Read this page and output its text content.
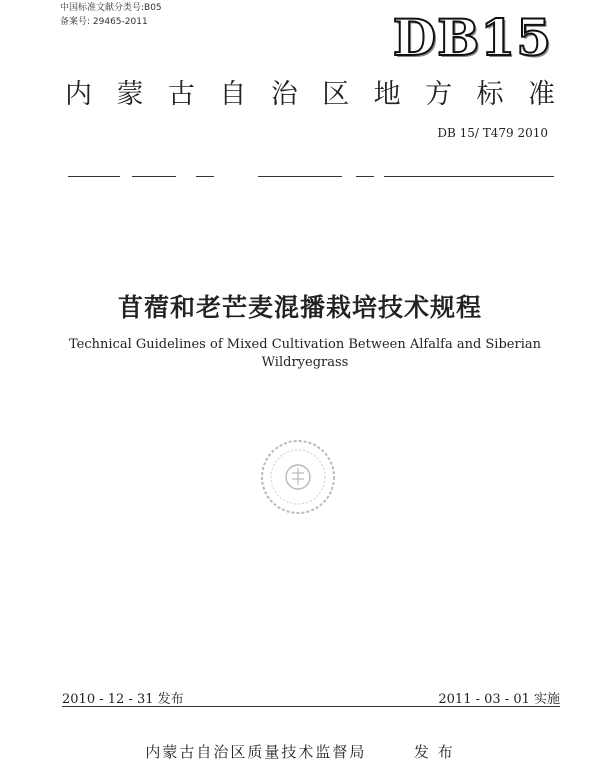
中国标准文献分类号:B05
备案号: 29465-2011	DB15
内 蒙 古 自 治 区 地 方 标 准
DB 15/ T479 2010
苜蓿和老芒麦混播栽培技术规程
Technical Guidelines of Mixed Cultivation Between Alfalfa and Siberian
Wildryegrass
2010 - 12 - 31 发布	2011 - 03 - 01 实施
内蒙古自治区质量技术监督局	发 布
